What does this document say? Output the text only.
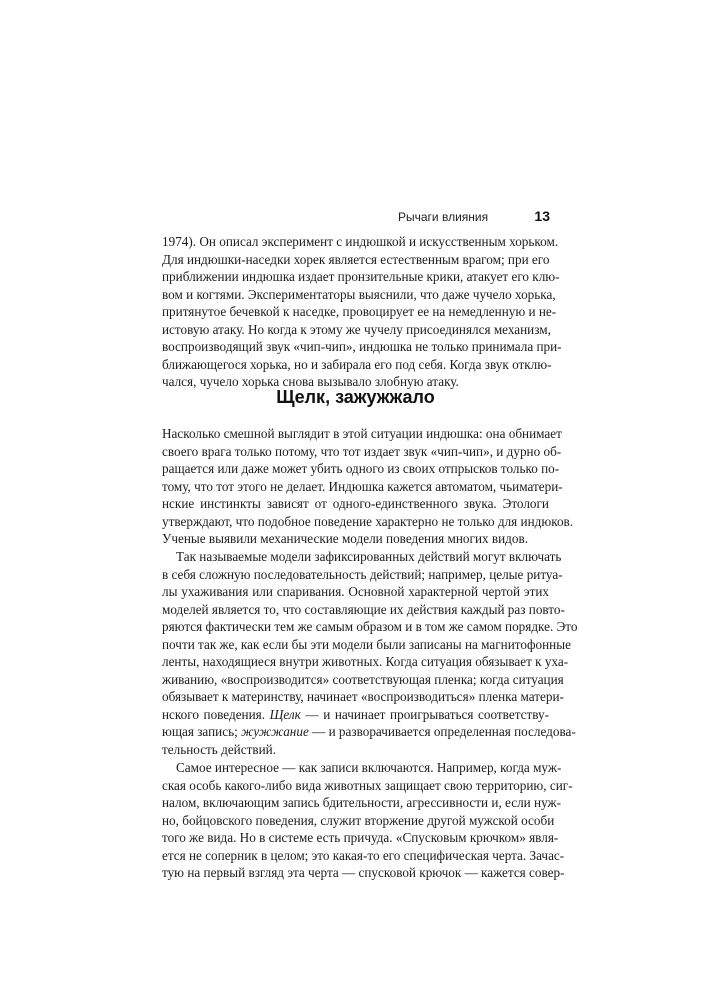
Рычаги влияния	13
1974). Он описал эксперимент с индюшкой и искусственным хорьком.
Для индюшки-наседки хорек является естественным врагом; при его
приближении индюшка издает пронзительные крики, атакует его клю-
вом и когтями. Экспериментаторы выяснили, что даже чучело хорька,
притянутое бечевкой к наседке, провоцирует ее на немедленную и не-
истовую атаку. Но когда к этому же чучелу присоединялся механизм,
воспроизводящий звук «чип-чип», индюшка не только принимала при-
ближающегося хорька, но и забирала его под себя. Когда звук отклю-
чался, чучело хорька снова вызывало злобную атаку.
Щелк, зажужжало
Насколько смешной выглядит в этой ситуации индюшка: она обнимает
своего врага только потому, что тот издает звук «чип-чип», и дурно об-
ращается или даже может убить одного из своих отпрысков только по-
тому, что тот этого не делает. Индюшка кажется автоматом, чьиматери-
нские инстинкты зависят от одного-единственного звука. Этологи
утверждают, что подобное поведение характерно не только для индюков.
Ученые выявили механические модели поведения многих видов.
Так называемые модели зафиксированных действий могут включать
в себя сложную последовательность действий; например, целые ритуа-
лы ухаживания или спаривания. Основной характерной чертой этих
моделей является то, что составляющие их действия каждый раз повто-
ряются фактически тем же самым образом и в том же самом порядке. Это
почти так же, как если бы эти модели были записаны на магнитофонные
ленты, находящиеся внутри животных. Когда ситуация обязывает к уха-
живанию, «воспроизводится» соответствующая пленка; когда ситуация
обязывает к материнству, начинает «воспроизводиться» пленка матери-
нского поведения. Щелк — и начинает проигрываться соответству-
ющая запись; жужжание — и разворачивается определенная последова-
тельность действий.
Самое интересное — как записи включаются. Например, когда муж-
ская особь какого-либо вида животных защищает свою территорию, сиг-
налом, включающим запись бдительности, агрессивности и, если нуж-
но, бойцовского поведения, служит вторжение другой мужской особи
того же вида. Но в системе есть причуда. «Спусковым крючком» явля-
ется не соперник в целом; это какая-то его специфическая черта. Зачас-
тую на первый взгляд эта черта — спусковой крючок — кажется совер-
